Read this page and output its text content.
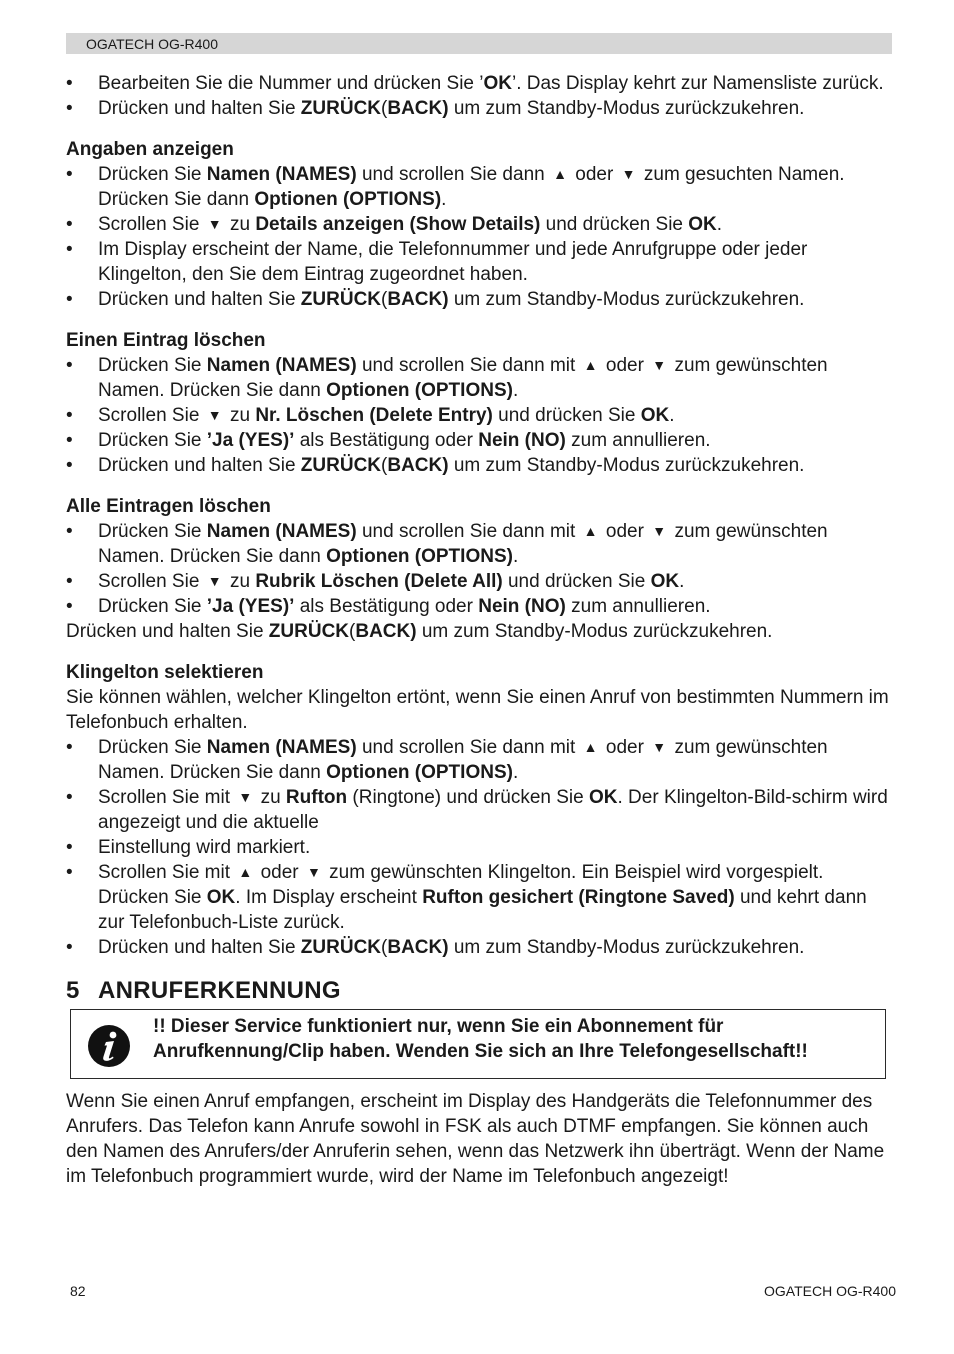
OGATECH OG-R400
• Bearbeiten Sie die Nummer und drücken Sie ’OK’. Das Display kehrt zur Namensliste zurück.
• Drücken und halten Sie ZURÜCK(BACK) um zum Standby-Modus zurückzukehren.
Angaben anzeigen
• Drücken Sie Namen (NAMES) und scrollen Sie dann ▲ oder ▼ zum gesuchten Namen. Drücken Sie dann Optionen (OPTIONS).
• Scrollen Sie ▼ zu Details anzeigen (Show Details) und drücken Sie OK.
• Im Display erscheint der Name, die Telefonnummer und jede Anrufgruppe oder jeder Klingelton, den Sie dem Eintrag zugeordnet haben.
• Drücken und halten Sie ZURÜCK(BACK) um zum Standby-Modus zurückzukehren.
Einen Eintrag löschen
• Drücken Sie Namen (NAMES) und scrollen Sie dann mit ▲ oder ▼ zum gewünschten Namen. Drücken Sie dann Optionen (OPTIONS).
• Scrollen Sie ▼ zu Nr. Löschen (Delete Entry) und drücken Sie OK.
• Drücken Sie ’Ja (YES)’ als Bestätigung oder Nein (NO) zum annullieren.
• Drücken und halten Sie ZURÜCK(BACK) um zum Standby-Modus zurückzukehren.
Alle Eintragen löschen
• Drücken Sie Namen (NAMES) und scrollen Sie dann mit ▲ oder ▼ zum gewünschten Namen. Drücken Sie dann Optionen (OPTIONS).
• Scrollen Sie ▼ zu Rubrik Löschen (Delete All) und drücken Sie OK.
• Drücken Sie ’Ja (YES)’ als Bestätigung oder Nein (NO) zum annullieren.

Drücken und halten Sie ZURÜCK(BACK) um zum Standby-Modus zurückzukehren.

Klingelton selektieren

Sie können wählen, welcher Klingelton ertönt, wenn Sie einen Anruf von bestimmten Nummern im Telefonbuch erhalten.

• Drücken Sie Namen (NAMES) und scrollen Sie dann mit ▲ oder ▼ zum gewünschten Namen. Drücken Sie dann Optionen (OPTIONS).
• Scrollen Sie mit ▼ zu Rufton (Ringtone) und drücken Sie OK. Der Klingelton-Bild-schirm wird angezeigt und die aktuelle
• Einstellung wird markiert.
• Scrollen Sie mit ▲ oder ▼ zum gewünschten Klingelton. Ein Beispiel wird vorgespielt. Drücken Sie OK. Im Display erscheint Rufton gesichert (Ringtone Saved) und kehrt dann zur Telefonbuch-Liste zurück.
• Drücken und halten Sie ZURÜCK(BACK) um zum Standby-Modus zurückzukehren.
5 ANRUFERKENNUNG
!! Dieser Service funktioniert nur, wenn Sie ein Abonnement für Anrufkennung/Clip haben. Wenden Sie sich an Ihre Telefongesellschaft!!

Wenn Sie einen Anruf empfangen, erscheint im Display des Handgeräts die Telefonnummer des Anrufers. Das Telefon kann Anrufe sowohl in FSK als auch DTMF empfangen. Sie können auch den Namen des Anrufers/der Anruferin sehen, wenn das Netzwerk ihn überträgt. Wenn der Name im Telefonbuch programmiert wurde, wird der Name im Telefonbuch angezeigt!

82	OGATECH OG-R400
